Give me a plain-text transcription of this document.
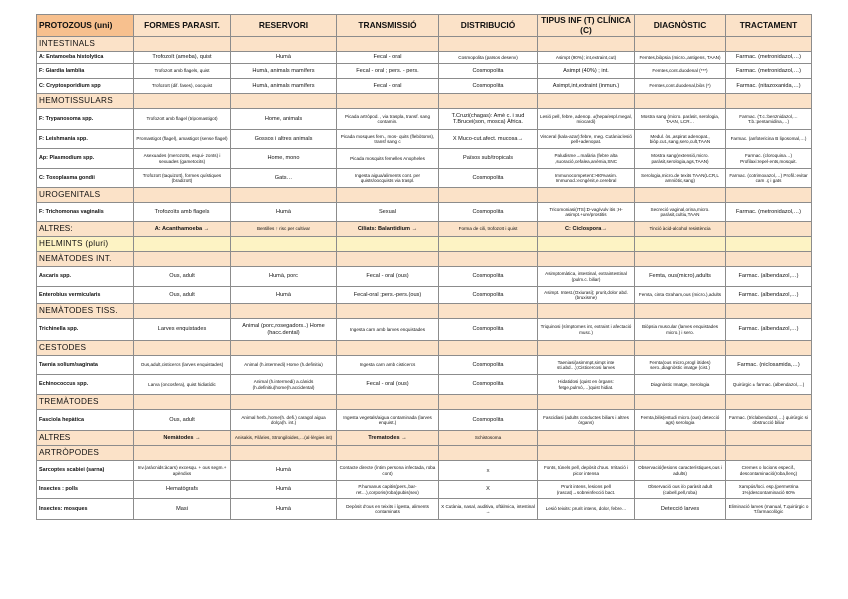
PROTOZOUS (uni)	FORMES PARASIT.	RESERVORI	TRANSMISSIÓ	DISTRIBUCIÓ	TIPUS INF (T) CLÍNICA (C)	DIAGNÒSTIC	TRACTAMENT
INTESTINALS							
A: Entamoeba histolytica	Trofozoït (ameba), quist	Humà	Fecal - oral	Cosmopolita (països desenv)	Asimpt (90%); int,extraint,cut)	Femtes,biòpsia (micro.,antigens, TAAN)	Farmac. (metronidazol,…)
F: Giardia lamblia	Trofozoït amb flagels, quist	Humà, animals mamífers	Fecal - oral ; pers. - pers.	Cosmopolita	Asimpt (40%) ; int.	Femtes,cont.duodenal (***)	Farmac. (metronidazol,…)
C: Cryptosporidium spp	Trofozoït (dif. fases), oocquist	Humà, animals mamífers	Fecal - oral	Cosmopolita	Asimpt,int,extraint (inmun.)	Femtes,cont.duodenal,biòs (*)	Farmac. (nitazoxanida,…)
HEMOTISSULARS							
F: Trypanosoma spp.	Trofozoït amb flagel (tripomastigot)	Home, animals	Picada artròpod. , via traspla, transf. sang contamin.	T.Cruzi(chagas): Amè c. i sud T.Brucei(son, mosca) Àfrica.	Lesió pell, febre, adenop. ±(hepa/espl.megal, miocardi)	Mostra sang (micro. paràsit, serologia, TAAN, LCR…	Farmac. (T.c.:benznidazol,… T.b.:pentamidina,…)
F: Leishmania spp.	Promastigot (flagel), amastigot (sense flagel)	Gossos i altres animals	Picada mosques fem., mos- quits (flebòtoms), transf sang c	X Muco-cut.afect. mucosa→	Visceral (kala-azar):febre, meg. Cutània:lesió pell+adenopat.	Medul. òs.,aspirat adenopat., biòp.cut.,sang,sero,cult,TAAN	Farmac. (anfotericina B liposomal,…)
Ap: Plasmodium spp.	Asexuades (merozoïts, esqui- zonts) i sexuades (gametocits)	Home, mono	Picada mosquits femelles Anopheles	Països sub/tropicals	Paludisme→malària (febre alta ,suoració,cefalea,anèmia,SNC	Mostra sang(extensió,micro. paràsit,serologia,ags,TAAN)	Farmac. (cloroquina…) Profilaxi:repel·ents,mosquit.
C: Toxoplasma gondii	Trofozoït (taquizoït), formes quístiques (bradizoït)	Gats…	Ingesta aigua/aliments cont. per quists/oocquists via traspl.	Cosmopolita	Immunocompetent:>80%asim. Immunod.:ecngènit,e.cerebral	Serologia,micro.de texits TAAN(LCR,L amniòtic,sang)	Farmac. (cotrimoxazol,…) Profil.:evitar cam .ç i gats
UROGENITALS							
F: Trichomonas vaginalis	Trofozoïts amb flagels	Humà	Sexual	Cosmopolita	Tricomoniasi(ITS):D-vag/vulv itis ;H-asimpt.+ure/prostitis	Secreció vaginal,orina,micro. paràsit,cultiu,TAAN	Farmac. (metronidazol,…)
ALTRES:	A: Acanthamoeba →	Bentilles ↑ risc per cultivar	Ciliats: Balantidium →	Forma de cili, trofozoït i quist	C: Ciclospora→	Tinció àcid-alcohol resistència	
HELMINTS (pluri)							
NEMÀTODES INT.							
Ascaris spp.	Ous, adult	Humà, porc	Fecal - oral (ous)	Cosmopolita	Asimptomàtica, intestinal, extraintestinal (pulm.c. biliar)	Femta, ous(micro),adults	Farmac. (albendazol,…)
Enterobius vermicularis	Ous, adult	Humà	Fecal-oral ;pers.-pers.(ous)	Cosmopolita	Asimpt. Intest.(Oxiurasi); prurit,dolor abd.(bruxisme)	Femta, cinta Graham,ous (micro.),adults	Farmac. (albendazol,…)
NEMÀTODES TISS.							
Trichinella spp.	Larves enquistades	Animal (porc,rosegadors..) Home (hacc.dental)	Ingesta carn amb larves enquistades	Cosmopolita	Triquinosi (símptomes int, extraint i afectació musc.)	Biòpsia muscular (larves enquistades micro.) i sero.	Farmac. (albendazol,…)
CESTODES							
Taenia solium/saginata	Ous,adult,cisticercs (larves enquistades)	Animal (h.intermedi) Home (h.definitiu)	Ingesta carn amb cisticercs	Cosmopolita	Taeniasi(asimmpt,simpt inte sti.abd…);Cisticercosi larves	Femta(ous micro,progl òtides) sero.,diagnòstic imatge (cist.)	Farmac. (niclosamida,…)
Echinococcus spp.	Larva (oncosfera), quist hidiatídic	Animal (h.intermedi) a.cànids (h.definitiu)home(h.accidental)	Fecal - oral (ous)	Cosmopolita	Hidatidosi (quist en òrgans: fetge,pulmó,…)quist hidiat.	Diagnòstic Imatge, Serologia	Quirúrgic ± farmac. (albendazol,…)
TREMÀTODES							
Fasciola hepàtica	Ous, adult	Animal herb.,home(h. defi.) caragol aigua dolça(h. int.)	Ingesta vegetals/aigua contaminada (larves enquist.)	Cosmopolita	Fascidiasi (adults conductes biliars i altres òrgans)	Femta,bilis(estudi micro.(ous) detecció ags) serologia	Farmac. (triclabendazol,…) quirúrgic si obstrucció biliar
ALTRES	Nemàtodes →	Anisakis, Filàries, Strongiloides,…(al·lèrgies int)	Trematodes →	Schistosoma			
ARTRÒPODES							
Sarcoptes scabiei (sarna)	Inv.(aràcnids:àcars) excesqu. + ous segm.+ apèndixs	Humà	Contacte directe (íntim persona infectada, roba cont)	X	Fonts, túnels pell, depòsit d'ous. Irritació i picor intensa	Observació(lesions característiques,ous i adults)	Cremes o locions especif., descontaminació(roba,llenç)
Insectes : polls	Hematògrafs	Humà	P.humanus capitis(pers.,bar- ret…),corporis(roba)pubis(sex)	X	Prurit intens, lesions pell (rascat)→sobreinfecció bact.	Observació ous i/o paràsit adult (cabell,pell,roba)	Xampús/loci. esp.(permetrina 1%)descontaminació 60%
Insectes: mosques	Masi	Humà	Depòsit d'ous en teixits i ígesta, aliments contaminats	X Cutània, nasal, auditiva, oftàlmica, intestinal →	Lesió teixits: prurit intens, dolor, febre…	Detecció larves	Eliminació larves (manual, T.quirúrgic o T.farmacològic
